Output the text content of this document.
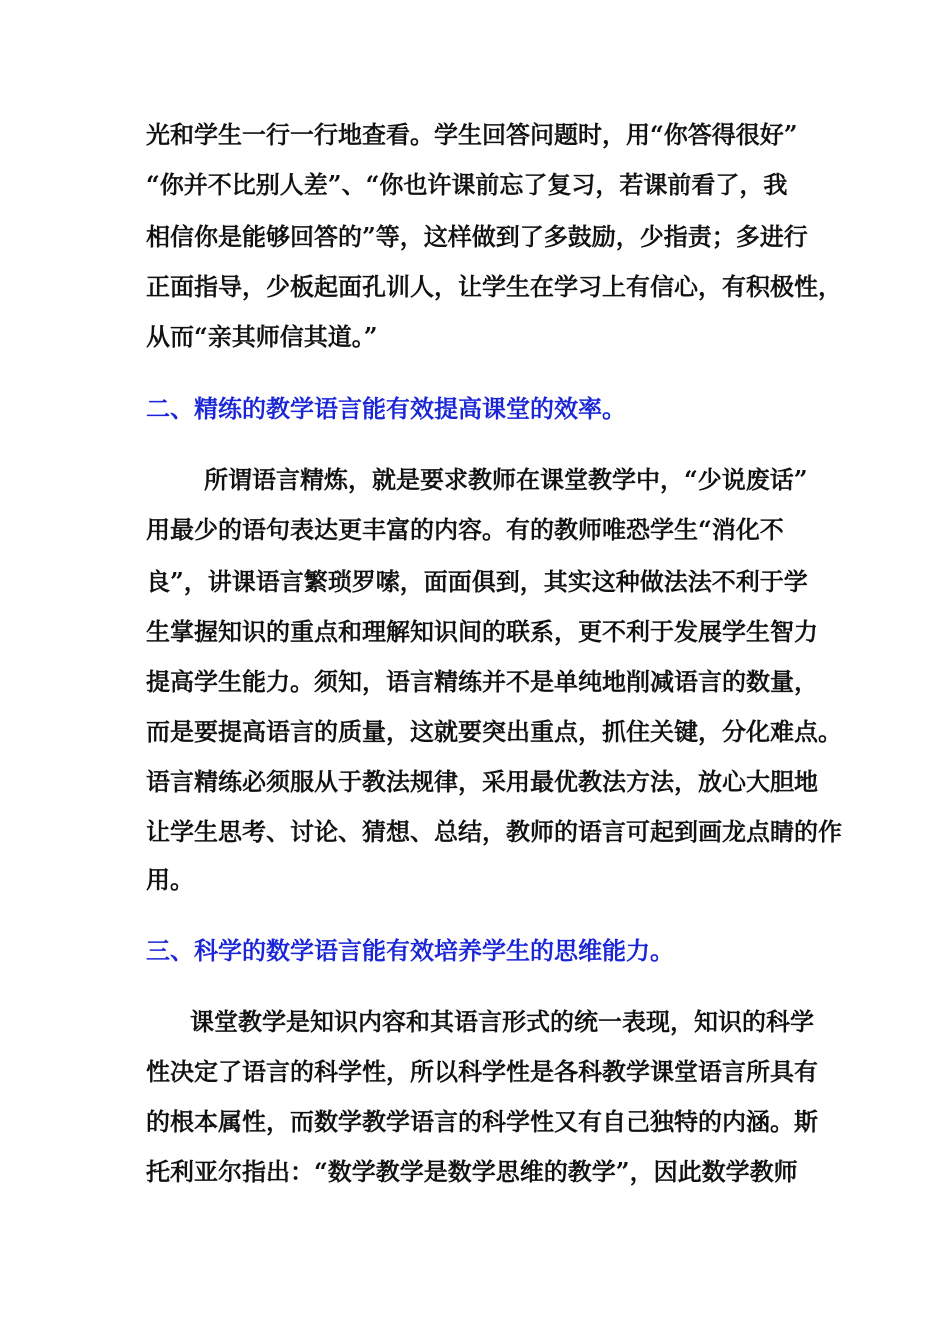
光和学生一行一行地查看。学生回答问题时，用“你答得很好”
“你并不比别人差”、“你也许课前忘了复习，若课前看了，我
相信你是能够回答的”等，这样做到了多鼓励，少指责；多进行
正面指导，少板起面孔训人，让学生在学习上有信心，有积极性，
从而“亲其师信其道。”
二、精练的教学语言能有效提高课堂的效率。
所谓语言精炼，就是要求教师在课堂教学中，“少说废话”
用最少的语句表达更丰富的内容。有的教师唯恐学生“消化不
良”，讲课语言繁琐罗嗦，面面俱到，其实这种做法法不利于学
生掌握知识的重点和理解知识间的联系，更不利于发展学生智力
提高学生能力。须知，语言精练并不是单纯地削减语言的数量，
而是要提高语言的质量，这就要突出重点，抓住关键，分化难点。
语言精练必须服从于教法规律，采用最优教法方法，放心大胆地
让学生思考、讨论、猜想、总结，教师的语言可起到画龙点睛的作
用。
三、科学的数学语言能有效培养学生的思维能力。
课堂教学是知识内容和其语言形式的统一表现，知识的科学
性决定了语言的科学性，所以科学性是各科教学课堂语言所具有
的根本属性，而数学教学语言的科学性又有自己独特的内涵。斯
托利亚尔指出：“数学教学是数学思维的教学”，因此数学教师
